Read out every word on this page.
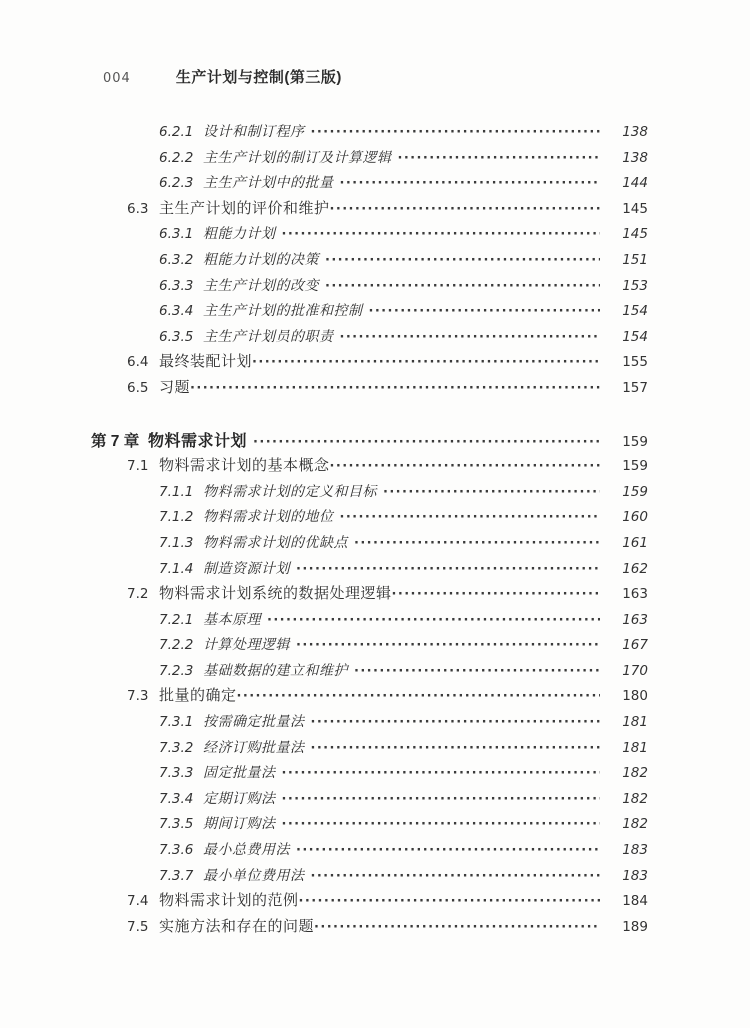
004	生产计划与控制(第三版)
6.2.1 设计和制订程序 ·····	138
6.2.2 主生产计划的制订及计算逻辑 ·····	138
6.2.3 主生产计划中的批量 ·····	144
6.3 主生产计划的评价和维护 ·····	145
6.3.1 粗能力计划 ·····	145
6.3.2 粗能力计划的决策 ·····	151
6.3.3 主生产计划的改变 ·····	153
6.3.4 主生产计划的批准和控制 ·····	154
6.3.5 主生产计划员的职责 ·····	154
6.4 最终装配计划 ·····	155
6.5 习题 ·····	157
第 7 章 物料需求计划 ·····	159
7.1 物料需求计划的基本概念 ·····	159
7.1.1 物料需求计划的定义和目标 ·····	159
7.1.2 物料需求计划的地位 ·····	160
7.1.3 物料需求计划的优缺点 ·····	161
7.1.4 制造资源计划 ·····	162
7.2 物料需求计划系统的数据处理逻辑 ·····	163
7.2.1 基本原理 ·····	163
7.2.2 计算处理逻辑 ·····	167
7.2.3 基础数据的建立和维护 ·····	170
7.3 批量的确定 ·····	180
7.3.1 按需确定批量法 ·····	181
7.3.2 经济订购批量法 ·····	181
7.3.3 固定批量法 ·····	182
7.3.4 定期订购法 ·····	182
7.3.5 期间订购法 ·····	182
7.3.6 最小总费用法 ·····	183
7.3.7 最小单位费用法 ·····	183
7.4 物料需求计划的范例 ·····	184
7.5 实施方法和存在的问题 ·····	189
